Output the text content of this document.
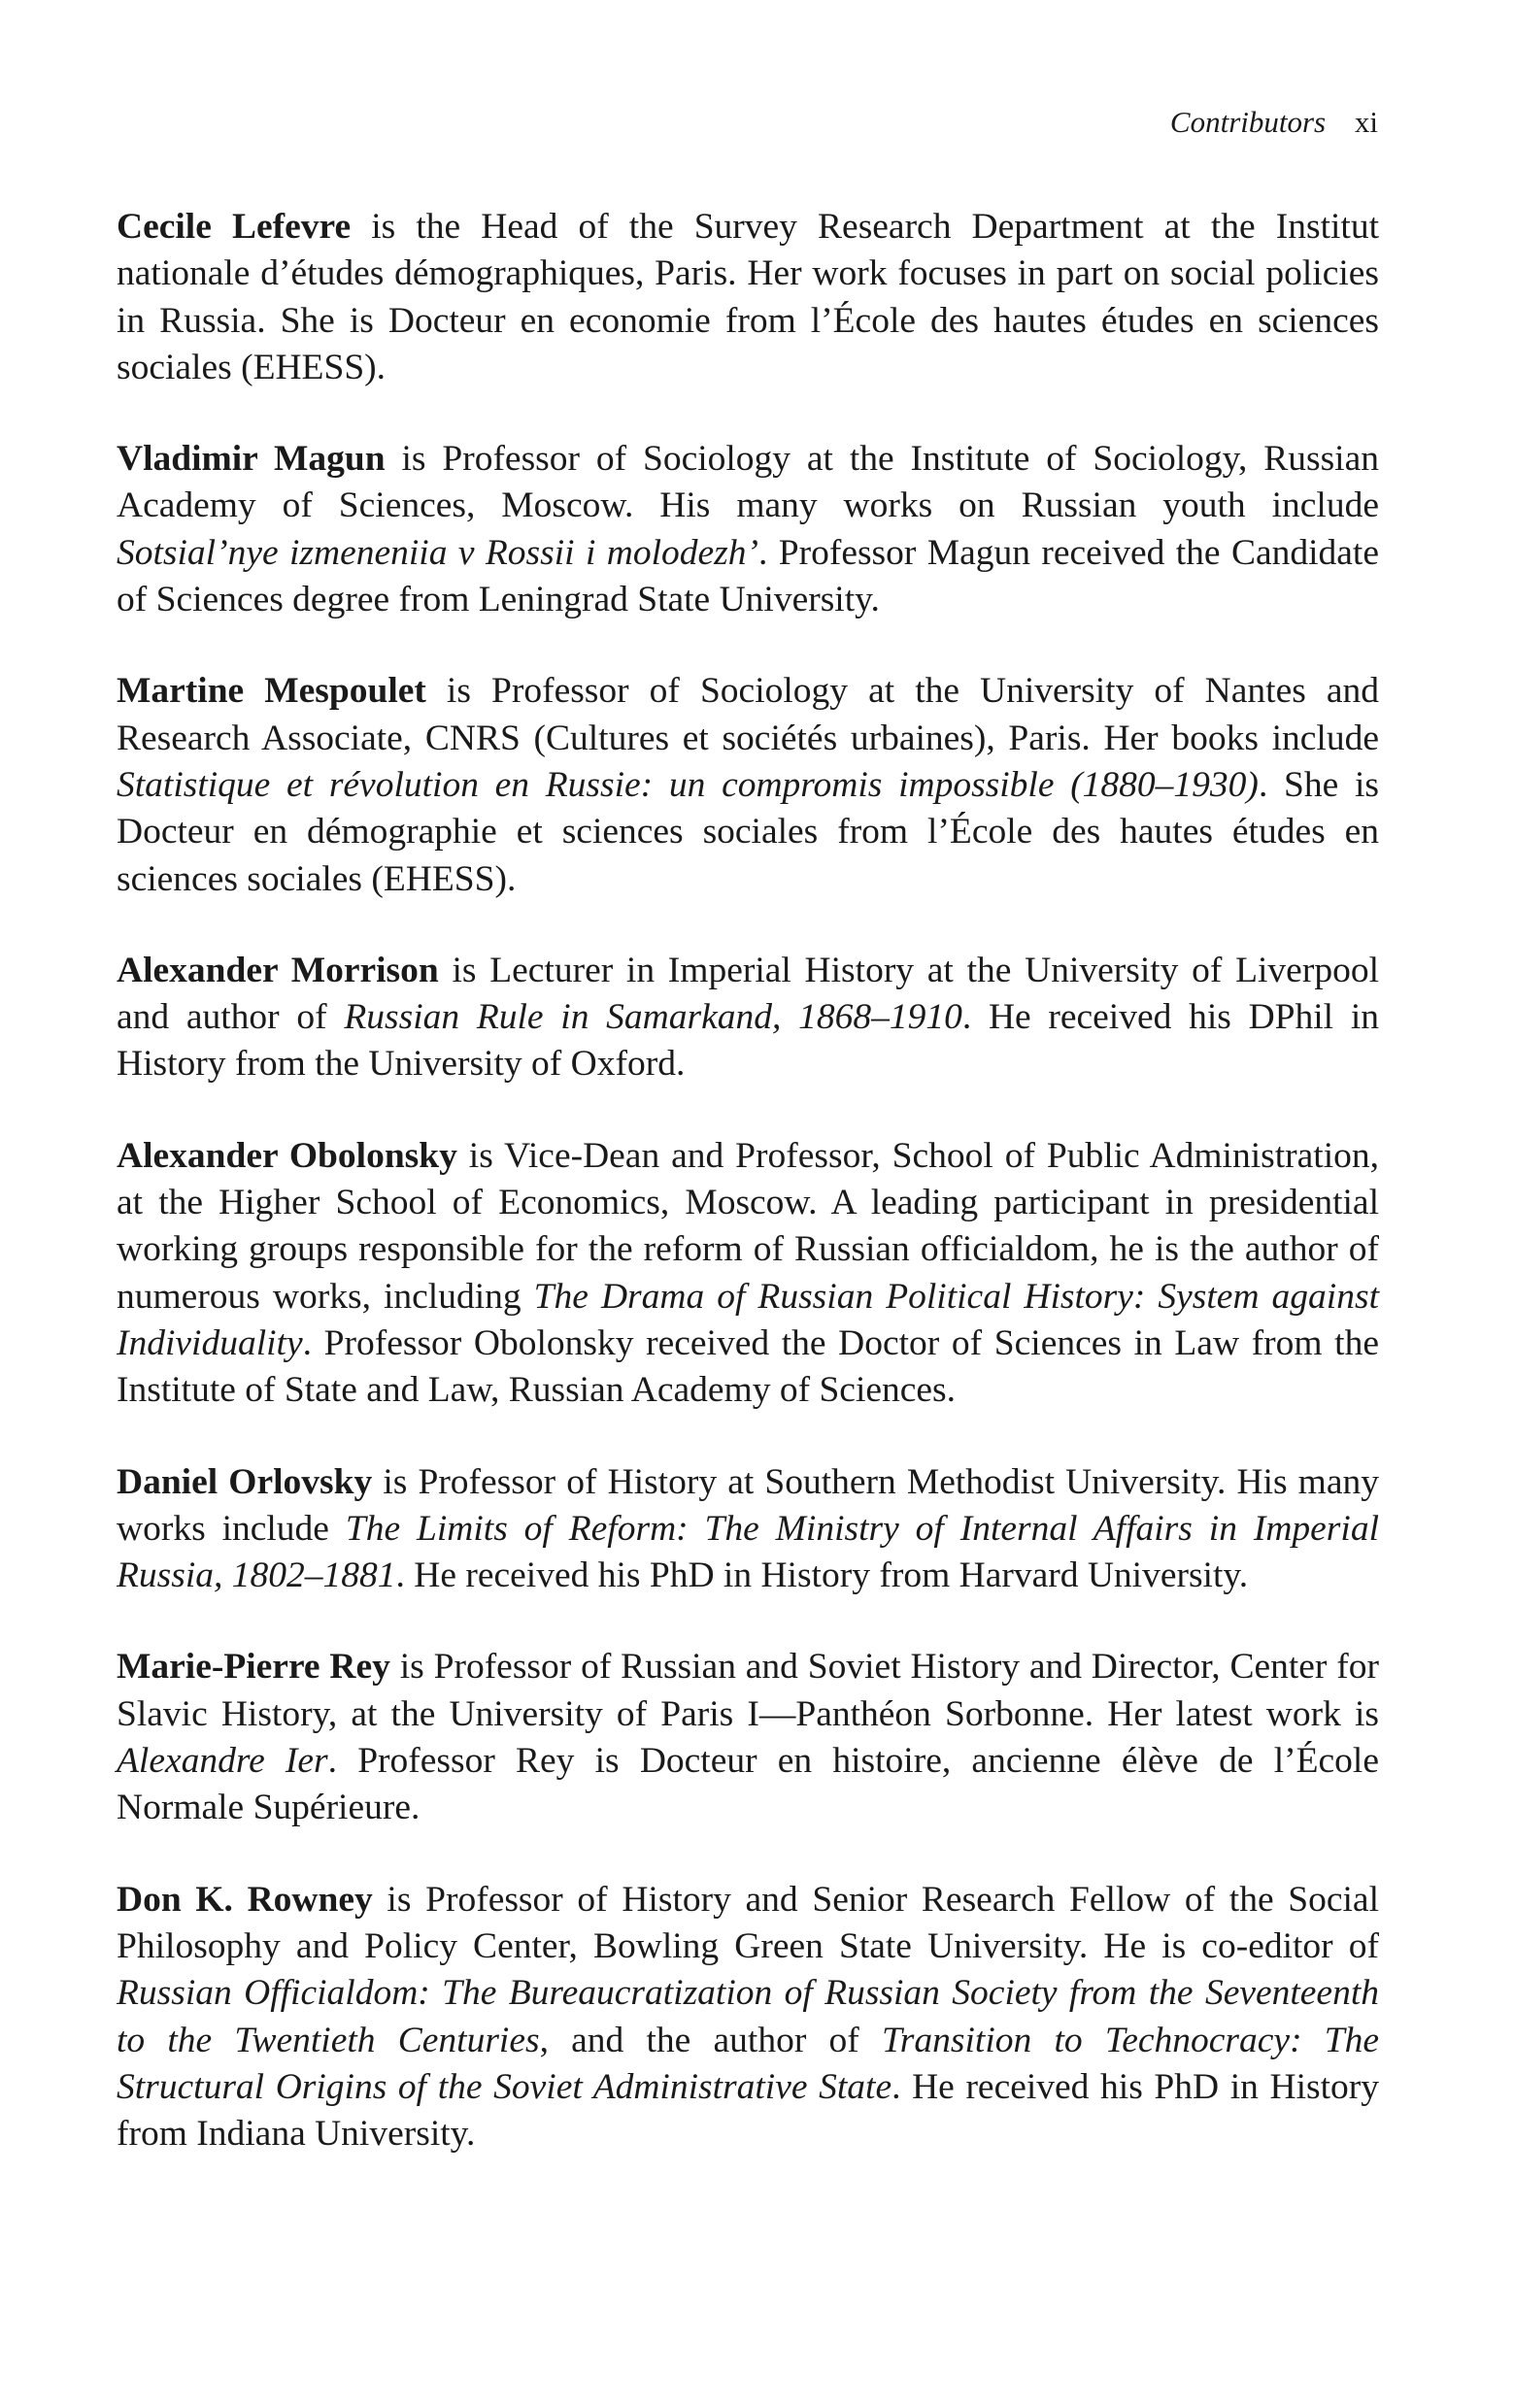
Contributors xi

Cecile Lefevre is the Head of the Survey Research Department at the Institut nationale d’études démographiques, Paris. Her work focuses in part on social policies in Russia. She is Docteur en economie from l’École des hautes études en sciences sociales (EHESS).

Vladimir Magun is Professor of Sociology at the Institute of Sociology, Russian Academy of Sciences, Moscow. His many works on Russian youth include Sotsial’nye izmeneniia v Rossii i molodezh’. Professor Magun received the Candidate of Sciences degree from Leningrad State University.

Martine Mespoulet is Professor of Sociology at the University of Nantes and Research Associate, CNRS (Cultures et sociétés urbaines), Paris. Her books include Statistique et révolution en Russie: un compromis impossible (1880–1930). She is Docteur en démographie et sciences sociales from l’École des hautes études en sciences sociales (EHESS).

Alexander Morrison is Lecturer in Imperial History at the University of Liverpool and author of Russian Rule in Samarkand, 1868–1910. He received his DPhil in History from the University of Oxford.

Alexander Obolonsky is Vice-Dean and Professor, School of Public Administration, at the Higher School of Economics, Moscow. A leading participant in presidential working groups responsible for the reform of Russian officialdom, he is the author of numerous works, including The Drama of Russian Political History: System against Individuality. Professor Obolonsky received the Doctor of Sciences in Law from the Institute of State and Law, Russian Academy of Sciences.

Daniel Orlovsky is Professor of History at Southern Methodist University. His many works include The Limits of Reform: The Ministry of Internal Affairs in Imperial Russia, 1802–1881. He received his PhD in History from Harvard University.

Marie-Pierre Rey is Professor of Russian and Soviet History and Director, Center for Slavic History, at the University of Paris I—Panthéon Sorbonne. Her latest work is Alexandre Ier. Professor Rey is Docteur en histoire, ancienne élève de l’École Normale Supérieure.

Don K. Rowney is Professor of History and Senior Research Fellow of the Social Philosophy and Policy Center, Bowling Green State University. He is co-editor of Russian Officialdom: The Bureaucratization of Russian Society from the Seventeenth to the Twentieth Centuries, and the author of Transition to Technocracy: The Structural Origins of the Soviet Administrative State. He received his PhD in History from Indiana University.
